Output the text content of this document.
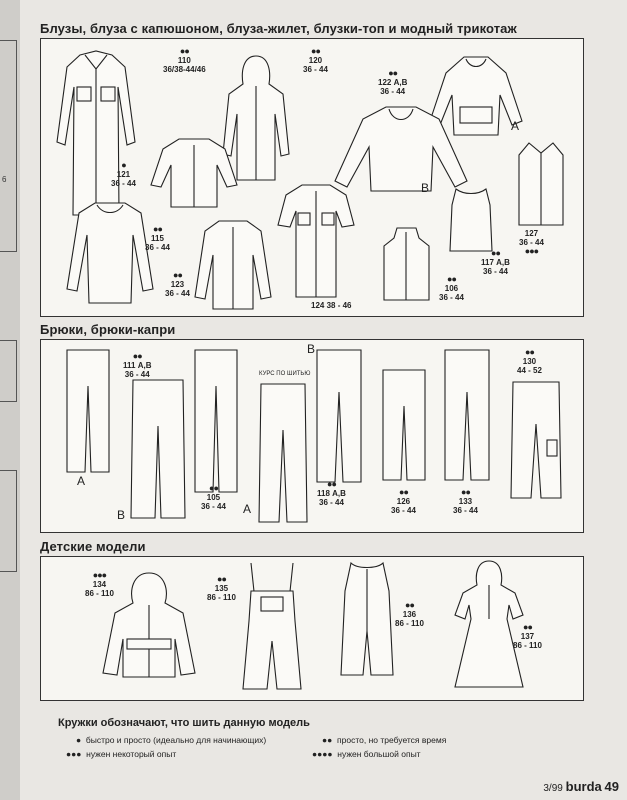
6
Блузы, блуза с капюшоном, блуза-жилет, блузки-топ и модный трикотаж
●●
110
36/38-44/46
●●
120
36 - 44
A
●●
122 А,В
36 - 44
B
●
121
36 - 44
127
36 - 44

●●●
●●
115
36 - 44
●●
123
36 - 44
124 38 - 46
●●
117 А,В
36 - 44
●●
106
36 - 44
Брюки, брюки-капри
A
●●
111 А,В
36 - 44
B
●●
105
36 - 44
КУРС ПО ШИТЬЮ
A
B
●●
118 А,В
36 - 44
●●
126
36 - 44
●●
133
36 - 44
●●
130
44 - 52
Детские модели
●●●
134
86 - 110
●●
135
86 - 110
●●
136
86 - 110	●●
137
86 - 110
Кружки обозначают, что шить данную модель
● быстро и просто (идеально для начинающих)
●●● нужен некоторый опыт
●● просто, но требуется время
●●●● нужен большой опыт
3/99 burda 49
